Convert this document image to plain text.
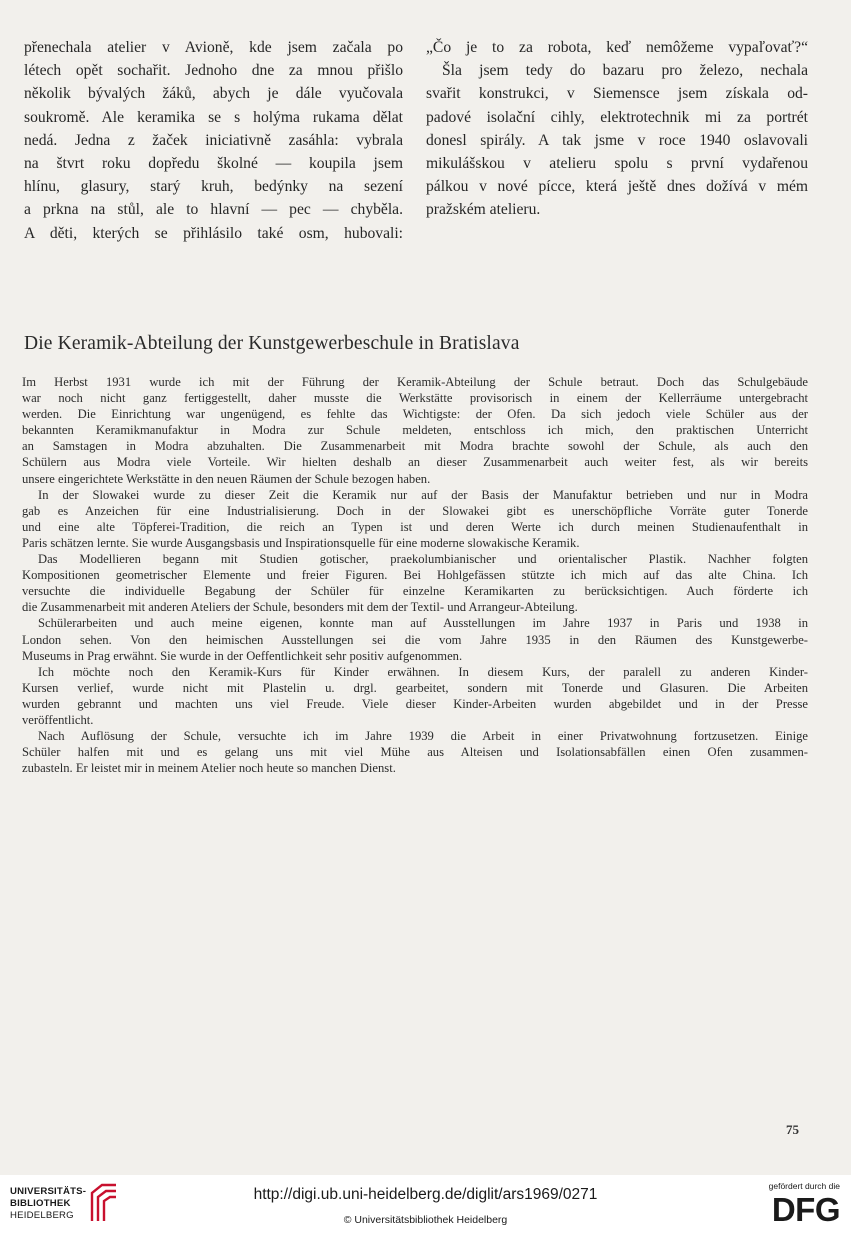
přenechala atelier v Avioně, kde jsem začala po
létech opět sochařit. Jednoho dne za mnou přišlo
několik bývalých žáků, abych je dále vyučovala
soukromě. Ale keramika se s holýma rukama dělat
nedá. Jedna z žaček iniciativně zasáhla: vybrala
na štvrt roku dopředu školné — koupila jsem
hlínu, glasury, starý kruh, bedýnky na sezení
a prkna na stůl, ale to hlavní — pec — chyběla.
A děti, kterých se přihlásilo také osm, hubovali:
„Čo je to za robota, keď nemôžeme vypaľovať?“
Šla jsem tedy do bazaru pro železo, nechala
svařit konstrukci, v Siemensce jsem získala od-
padové isolační cihly, elektrotechnik mi za portrét
donesl spirály. A tak jsme v roce 1940 oslavovali
mikulášskou v atelieru spolu s první vydařenou
pálkou v nové pícce, která ještě dnes dožívá v mém
pražském atelieru.
Die Keramik-Abteilung der Kunstgewerbeschule in Bratislava
Im Herbst 1931 wurde ich mit der Führung der Keramik-Abteilung der Schule betraut. Doch das Schulgebäude
war noch nicht ganz fertiggestellt, daher musste die Werkstätte provisorisch in einem der Kellerräume untergebracht
werden. Die Einrichtung war ungenügend, es fehlte das Wichtigste: der Ofen. Da sich jedoch viele Schüler aus der
bekannten Keramikmanufaktur in Modra zur Schule meldeten, entschloss ich mich, den praktischen Unterricht
an Samstagen in Modra abzuhalten. Die Zusammenarbeit mit Modra brachte sowohl der Schule, als auch den
Schülern aus Modra viele Vorteile. Wir hielten deshalb an dieser Zusammenarbeit auch weiter fest, als wir bereits
unsere eingerichtete Werkstätte in den neuen Räumen der Schule bezogen haben.
In der Slowakei wurde zu dieser Zeit die Keramik nur auf der Basis der Manufaktur betrieben und nur in Modra
gab es Anzeichen für eine Industrialisierung. Doch in der Slowakei gibt es unerschöpfliche Vorräte guter Tonerde
und eine alte Töpferei-Tradition, die reich an Typen ist und deren Werte ich durch meinen Studienaufenthalt in
Paris schätzen lernte. Sie wurde Ausgangsbasis und Inspirationsquelle für eine moderne slowakische Keramik.
Das Modellieren begann mit Studien gotischer, praekolumbianischer und orientalischer Plastik. Nachher folgten
Kompositionen geometrischer Elemente und freier Figuren. Bei Hohlgefässen stützte ich mich auf das alte China. Ich
versuchte die individuelle Begabung der Schüler für einzelne Keramikarten zu berücksichtigen. Auch förderte ich
die Zusammenarbeit mit anderen Ateliers der Schule, besonders mit dem der Textil- und Arrangeur-Abteilung.
Schülerarbeiten und auch meine eigenen, konnte man auf Ausstellungen im Jahre 1937 in Paris und 1938 in
London sehen. Von den heimischen Ausstellungen sei die vom Jahre 1935 in den Räumen des Kunstgewerbe-
Museums in Prag erwähnt. Sie wurde in der Oeffentlichkeit sehr positiv aufgenommen.
Ich möchte noch den Keramik-Kurs für Kinder erwähnen. In diesem Kurs, der paralell zu anderen Kinder-
Kursen verlief, wurde nicht mit Plastelin u. drgl. gearbeitet, sondern mit Tonerde und Glasuren. Die Arbeiten
wurden gebrannt und machten uns viel Freude. Viele dieser Kinder-Arbeiten wurden abgebildet und in der Presse
veröffentlicht.
Nach Auflösung der Schule, versuchte ich im Jahre 1939 die Arbeit in einer Privatwohnung fortzusetzen. Einige
Schüler halfen mit und es gelang uns mit viel Mühe aus Alteisen und Isolationsabfällen einen Ofen zusammen-
zubasteln. Er leistet mir in meinem Atelier noch heute so manchen Dienst.
75
UNIVERSITÄTS-
BIBLIOTHEK
HEIDELBERG
http://digi.ub.uni-heidelberg.de/diglit/ars1969/0271
© Universitätsbibliothek Heidelberg
gefördert durch die
DFG
